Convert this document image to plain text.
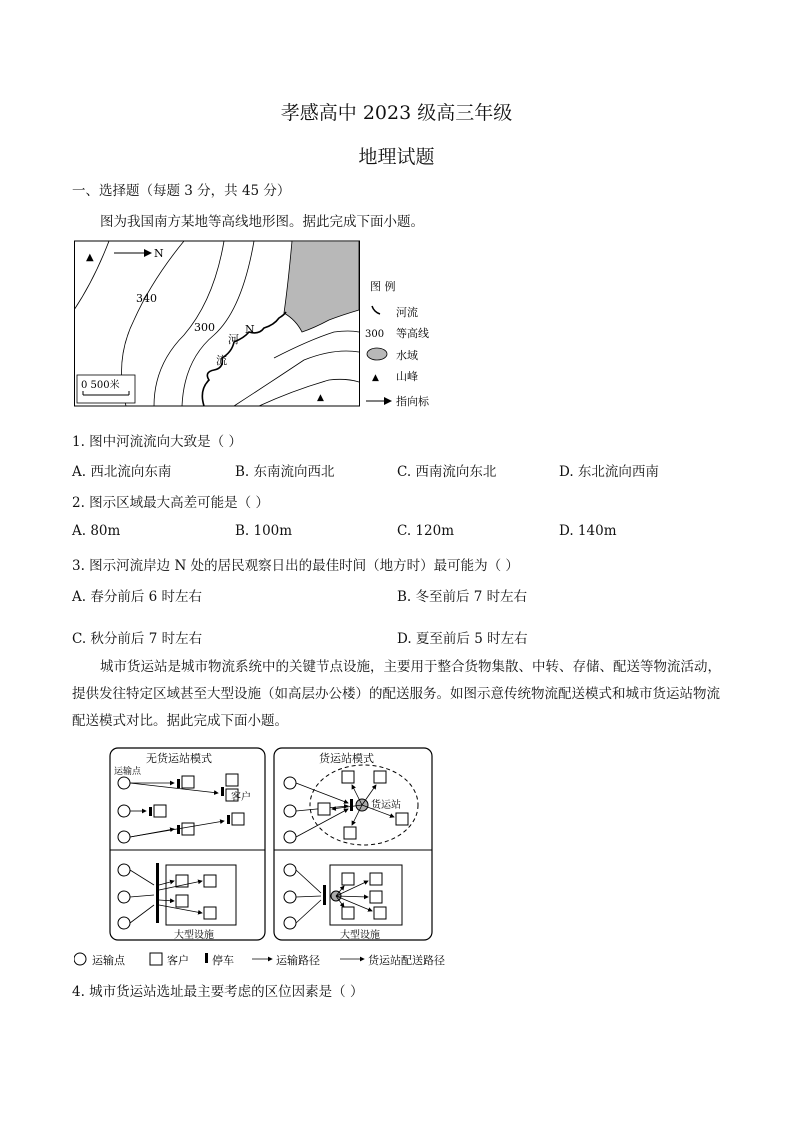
孝感高中 2023 级高三年级
地理试题
一、选择题（每题 3 分，共 45 分）
图为我国南方某地等高线地形图。据此完成下面小题。
▲	N
340
300	N
河
流
▲
0 500米
图 例
河流
300 等高线
水域
▲ 山峰
指向标
1. 图中河流流向大致是（ ）
A. 西北流向东南	B. 东南流向西北	C. 西南流向东北	D. 东北流向西南
2. 图示区域最大高差可能是（ ）
A. 80m	B. 100m	C. 120m	D. 140m
3. 图示河流岸边 N 处的居民观察日出的最佳时间（地方时）最可能为（ ）
A. 春分前后 6 时左右	B. 冬至前后 7 时左右
C. 秋分前后 7 时左右	D. 夏至前后 5 时左右
城市货运站是城市物流系统中的关键节点设施，主要用于整合货物集散、中转、存储、配送等物流活动，提供发往特定区域甚至大型设施（如高层办公楼）的配送服务。如图示意传统物流配送模式和城市货运站物流配送模式对比。据此完成下面小题。
无货运站模式
运输点
客户
大型设施
货运站模式
货运站
大型设施
运输点	客户 停车	运输路径	货运站配送路径
4. 城市货运站选址最主要考虑的区位因素是（ ）
